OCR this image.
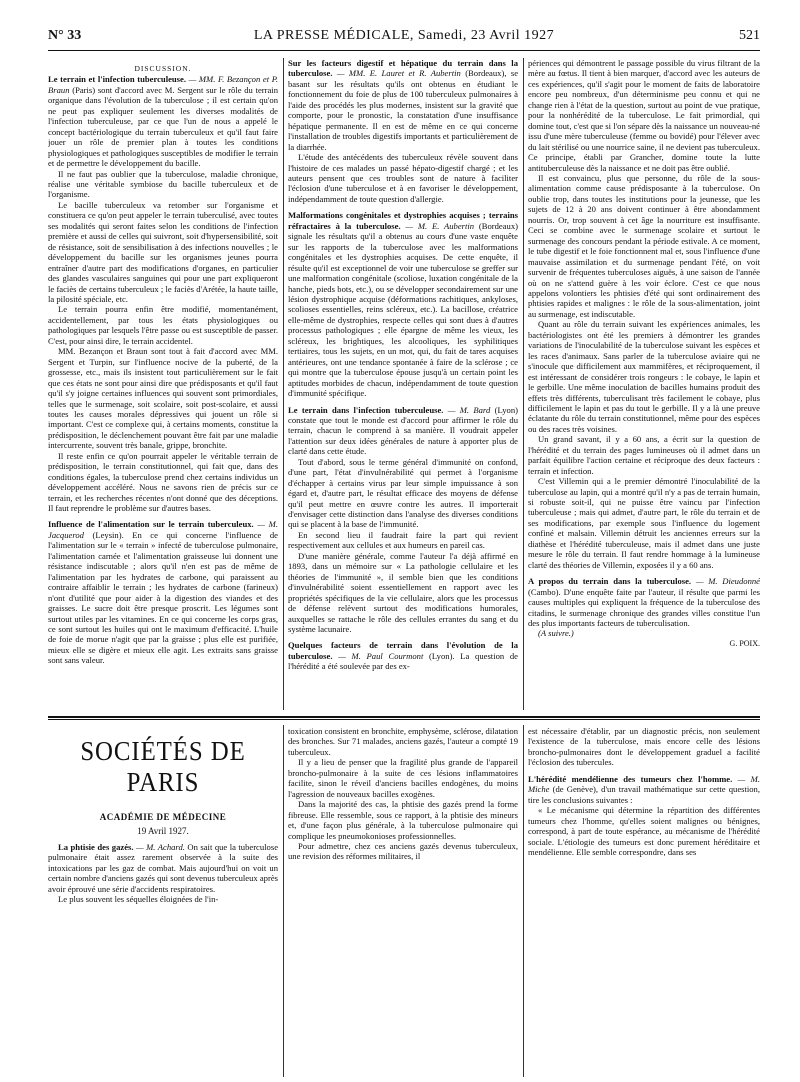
N° 33	LA PRESSE MÉDICALE, Samedi, 23 Avril 1927	521

DISCUSSION.

Le terrain et l'infection tuberculeuse. — MM. F. Bezançon et P. Braun (Paris) sont d'accord avec M. Sergent sur le rôle du terrain organique dans l'évolution de la tuberculose ; il est certain qu'on ne peut pas expliquer seulement les diverses modalités de l'infection tuberculeuse, par ce que l'un de nous a appelé le concept bactériologique du terrain tuberculeux et qu'il faut faire jouer un rôle de premier plan à toutes les conditions physiologiques et pathologiques susceptibles de modifier le terrain et de permettre le développement du bacille.

Il ne faut pas oublier que la tuberculose, maladie chronique, réalise une véritable symbiose du bacille tuberculeux et de l'organisme.

Le bacille tuberculeux va retomber sur l'organisme et constituera ce qu'on peut appeler le terrain tuberculisé, avec toutes ses modalités qui seront faites selon les conditions de l'infection première et aussi de celles qui suivront, soit d'hypersensibilité, soit de résistance, soit de sensibilisation à des infections nouvelles ; le développement du bacille sur les organismes jeunes pourra entraîner d'autre part des modifications d'organes, en particulier des glandes vasculaires sanguines qui pour une part expliqueront le faciès de certains tuberculeux ; le faciès d'Arétée, la haute taille, la pilosité spéciale, etc.

Le terrain pourra enfin être modifié, momentanément, accidentellement, par tous les états physiologiques ou pathologiques par lesquels l'être passe ou est susceptible de passer. C'est, pour ainsi dire, le terrain accidentel.

MM. Bezançon et Braun sont tout à fait d'accord avec MM. Sergent et Turpin, sur l'influence nocive de la puberté, de la grossesse, etc., mais ils insistent tout particulièrement sur le fait que ces états ne sont pour ainsi dire que prédisposants et qu'il faut qu'il s'y joigne certaines influences qui souvent sont primordiales, telles que le surmenage, soit scolaire, soit post-scolaire, et aussi toutes les causes morales dépressives qui jouent un rôle si important. C'est ce complexe qui, à certains moments, constitue la prédisposition, le déclenchement pouvant être fait par une maladie intercurrente, souvent très banale, grippe, bronchite.

Il reste enfin ce qu'on pourrait appeler le véritable terrain de prédisposition, le terrain constitutionnel, qui fait que, dans des conditions égales, la tuberculose prend chez certains individus un développement accéléré. Nous ne savons rien de précis sur ce terrain, et les recherches récentes n'ont donné que des déceptions. Il faut reprendre le problème sur d'autres bases.

Influence de l'alimentation sur le terrain tuberculeux. — M. Jacquerod (Leysin). En ce qui concerne l'influence de l'alimentation sur le « terrain » infecté de tuberculose pulmonaire, l'alimentation carnée et l'alimentation graisseuse lui donnent une résistance indiscutable ; alors qu'il n'en est pas de même de l'alimentation par les hydrates de carbone, qui paraissent au contraire affaiblir le terrain ; les hydrates de carbone (farineux) n'ont d'utilité que pour aider à la digestion des viandes et des graisses. Le sucre doit être presque proscrit. Les légumes sont surtout utiles par les vitamines. En ce qui concerne les corps gras, ce sont surtout les huiles qui ont le maximum d'efficacité. L'huile de foie de morue n'agit que par la graisse ; plus elle est purifiée, mieux elle se digère et mieux elle agit. Les extraits sans graisse sont sans valeur.

Sur les facteurs digestif et hépatique du terrain dans la tuberculose. — MM. E. Lauret et R. Aubertin (Bordeaux), se basant sur les résultats qu'ils ont obtenus en étudiant le fonctionnement du foie de plus de 100 tuberculeux pulmonaires à l'aide des procédés les plus modernes, insistent sur la gravité que comporte, pour le pronostic, la constatation d'une insuffisance hépatique permanente. Il en est de même en ce qui concerne l'installation de troubles digestifs importants et particulièrement de la diarrhée.

L'étude des antécédents des tuberculeux révèle souvent dans l'histoire de ces malades un passé hépato-digestif chargé ; et les auteurs pensent que ces troubles sont de nature à faciliter l'éclosion d'une tuberculose et à en favoriser le développement, indépendamment de toute question d'allergie.

Malformations congénitales et dystrophies acquises ; terrains réfractaires à la tuberculose. — M. E. Aubertin (Bordeaux) signale les résultats qu'il a obtenus au cours d'une vaste enquête sur les rapports de la tuberculose avec les malformations congénitales et les dystrophies acquises. De cette enquête, il résulte qu'il est exceptionnel de voir une tuberculose se greffer sur une malformation congénitale (scoliose, luxation congénitale de la hanche, pieds bots, etc.), ou se développer secondairement sur une lésion dystrophique acquise (déformations rachitiques, ankyloses, scolioses essentielles, reins scléreux, etc.). La bacillose, créatrice elle-même de dystrophies, respecte celles qui sont dues à d'autres processus pathologiques ; elle épargne de même les vieux, les scléreux, les brightiques, les alcooliques, les syphilitiques tertiaires, tous les sujets, en un mot, qui, du fait de tares acquises antérieures, ont une tendance spontanée à faire de la sclérose ; ce qui montre que la tuberculose épouse jusqu'à un certain point les aptitudes morbides de chacun, indépendamment de toute question d'immunité spécifique.

Le terrain dans l'infection tuberculeuse. — M. Bard (Lyon) constate que tout le monde est d'accord pour affirmer le rôle du terrain, chacun le comprend à sa manière. Il voudrait appeler l'attention sur deux idées générales de nature à apporter plus de clarté dans cette étude.

Tout d'abord, sous le terme général d'immunité on confond, d'une part, l'état d'invulnérabilité qui permet à l'organisme d'échapper à certains virus par leur simple impuissance à son égard et, d'autre part, le résultat efficace des moyens de défense qu'il peut mettre en œuvre contre les autres. Il importerait d'envisager cette distinction dans l'analyse des diverses conditions qui se placent à la base de l'immunité.

En second lieu il faudrait faire la part qui revient respectivement aux cellules et aux humeurs en pareil cas.

D'une manière générale, comme l'auteur l'a déjà affirmé en 1893, dans un mémoire sur « La pathologie cellulaire et les théories de l'immunité », il semble bien que les conditions d'invulnérabilité soient essentiellement en rapport avec les propriétés spécifiques de la vie cellulaire, alors que les processus de défense relèvent surtout des modifications humorales, auxquelles se rattache le rôle des cellules errantes du sang et du système lacunaire.

Quelques facteurs de terrain dans l'évolution de la tuberculose. — M. Paul Courmont (Lyon). La question de l'hérédité a été soulevée par des ex-

périences qui démontrent le passage possible du virus filtrant de la mère au fœtus. Il tient à bien marquer, d'accord avec les auteurs de ces expériences, qu'il s'agit pour le moment de faits de laboratoire encore peu nombreux, d'un déterminisme peu connu et qui ne change rien à l'état de la question, surtout au point de vue pratique, pour la nonhérédité de la tuberculose. Le fait primordial, qui domine tout, c'est que si l'on sépare dès la naissance un nouveau-né issu d'une mère tuberculeuse (femme ou bovidé) pour l'élever avec du lait stérilisé ou une nourrice saine, il ne devient pas tuberculeux. Ce principe, établi par Grancher, domine toute la lutte antituberculeuse dès la naissance et ne doit pas être oublié.

Il est convaincu, plus que personne, du rôle de la sous-alimentation comme cause prédisposante à la tuberculose. On oublie trop, dans toutes les institutions pour la jeunesse, que les sujets de 12 à 20 ans doivent continuer à être abondamment nourris. Or, trop souvent à cet âge la nourriture est insuffisante. Ceci se combine avec le surmenage scolaire et surtout le surmenage des concours pendant la période estivale. A ce moment, le tube digestif et le foie fonctionnent mal et, sous l'influence d'une mauvaise assimilation et du surmenage pendant l'été, on voit survenir de fréquentes tuberculoses aiguës, à une saison de l'année où on ne s'attend guère à les voir éclore. C'est ce que nous appelons volontiers les phtisies d'été qui sont ordinairement des phtisies rapides et malignes : le rôle de la sous-alimentation, joint au surmenage, est indiscutable.

Quant au rôle du terrain suivant les expériences animales, les bactériologistes ont été les premiers à démontrer les grandes variations de l'inoculabilité de la tuberculose suivant les espèces et les races d'animaux. Sans parler de la tuberculose aviaire qui ne s'inocule que difficilement aux mammifères, et réciproquement, il est intéressant de considérer trois rongeurs : le cobaye, le lapin et le gerbille. Une même inoculation de bacilles humains produit des effets très différents, tuberculisant très facilement le cobaye, plus difficilement le lapin et pas du tout le gerbille. Il y a là une preuve éclatante du rôle du terrain constitutionnel, même pour des espèces ou des races très voisines.

Un grand savant, il y a 60 ans, a écrit sur la question de l'hérédité et du terrain des pages lumineuses où il admet dans un parfait équilibre l'action certaine et réciproque des deux facteurs : terrain et infection.

C'est Villemin qui a le premier démontré l'inoculabilité de la tuberculose au lapin, qui a montré qu'il n'y a pas de terrain humain, si robuste soit-il, qui ne puisse être vaincu par l'infection tuberculeuse ; mais qui admet, d'autre part, le rôle du terrain et de ses modifications, par exemple sous l'influence du logement confiné et malsain. Villemin détruit les anciennes erreurs sur la diathèse et l'hérédité tuberculeuse, mais il admet dans une juste mesure le rôle du terrain. Il faut rendre hommage à la lumineuse clarté des théories de Villemin, exposées il y a 60 ans.

A propos du terrain dans la tuberculose. — M. Dieudonné (Cambo). D'une enquête faite par l'auteur, il résulte que parmi les causes multiples qui expliquent la fréquence de la tuberculose des citadins, le surmenage chronique des grandes villes constitue l'un des plus importants facteurs de tuberculisation.

(A suivre.)

G. POIX.

SOCIÉTÉS DE PARIS
ACADÉMIE DE MÉDECINE
19 Avril 1927.

La phtisie des gazés. — M. Achard. On sait que la tuberculose pulmonaire était assez rarement observée à la suite des intoxications par les gaz de combat. Mais aujourd'hui on voit un certain nombre d'anciens gazés qui sont devenus tuberculeux après avoir éprouvé une série d'accidents respiratoires.

Le plus souvent les séquelles éloignées de l'in-

toxication consistent en bronchite, emphysème, sclérose, dilatation des bronches. Sur 71 malades, anciens gazés, l'auteur a compté 19 tuberculeux.

Il y a lieu de penser que la fragilité plus grande de l'appareil broncho-pulmonaire à la suite de ces lésions inflammatoires facilite, sinon le réveil d'anciens bacilles endogènes, du moins l'agression de nouveaux bacilles exogènes.

Dans la majorité des cas, la phtisie des gazés prend la forme fibreuse. Elle ressemble, sous ce rapport, à la phtisie des mineurs et, d'une façon plus générale, à la tuberculose pulmonaire qui complique les pneumokonioses professionnelles.

Pour admettre, chez ces anciens gazés devenus tuberculeux, une revision des réformes militaires, il

est nécessaire d'établir, par un diagnostic précis, non seulement l'existence de la tuberculose, mais encore celle des lésions broncho-pulmonaires dont le développement graduel a facilité l'éclosion des tubercules.

L'hérédité mendélienne des tumeurs chez l'homme. — M. Miche (de Genève), d'un travail mathématique sur cette question, tire les conclusions suivantes :

« Le mécanisme qui détermine la répartition des différentes tumeurs chez l'homme, qu'elles soient malignes ou bénignes, correspond, à part de toute espérance, au mécanisme de l'hérédité sociale. L'étiologie des tumeurs est donc purement héréditaire et mendélienne. Elle semble correspondre, dans ses
